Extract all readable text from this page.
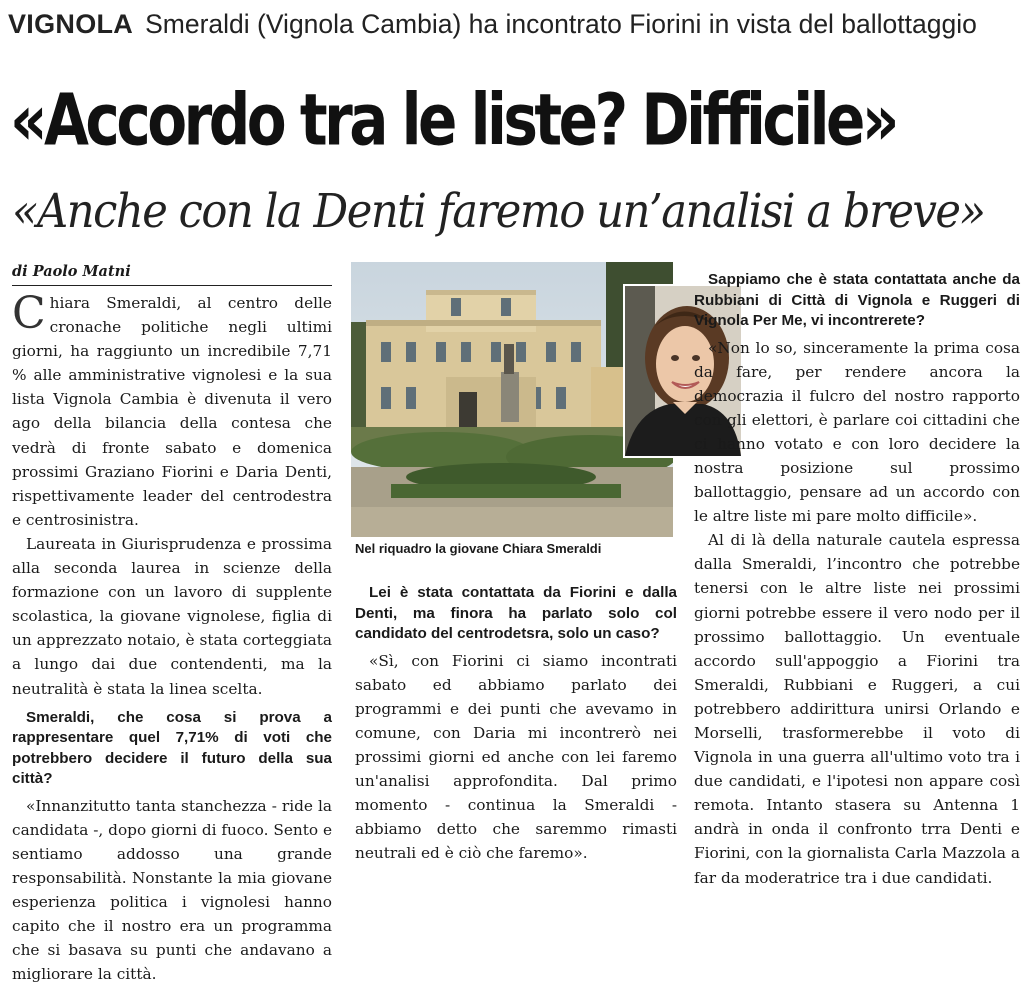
VIGNOLA Smeraldi (Vignola Cambia) ha incontrato Fiorini in vista del ballottaggio
«Accordo tra le liste? Difficile»
«Anche con la Denti faremo un’analisi a breve»
di Paolo Matni

Chiara Smeraldi, al centro delle cronache politiche negli ultimi giorni, ha raggiunto un incredibile 7,71 % alle amministrative vignolesi e la sua lista Vignola Cambia è divenuta il vero ago della bilancia della contesa che vedrà di fronte sabato e domenica prossimi Graziano Fiorini e Daria Denti, rispettivamente leader del centrodestra e centrosinistra.

Laureata in Giurisprudenza e prossima alla seconda laurea in scienze della formazione con un lavoro di supplente scolastica, la giovane vignolese, figlia di un apprezzato notaio, è stata corteggiata a lungo dai due contendenti, ma la neutralità è stata la linea scelta.

Smeraldi, che cosa si prova a rappresentare quel 7,71% di voti che potrebbero decidere il futuro della sua città?

«Innanzitutto tanta stanchezza - ride la candidata -, dopo giorni di fuoco. Sento e sentiamo addosso una grande responsabilità. Nonstante la mia giovane esperienza politica i vignolesi hanno capito che il nostro era un programma che si basava su punti che andavano a migliorare la città.

Nel riquadro la giovane Chiara Smeraldi

Lei è stata contattata da Fiorini e dalla Denti, ma finora ha parlato solo col candidato del centrodetsra, solo un caso?

«Sì, con Fiorini ci siamo incontrati sabato ed abbiamo parlato dei programmi e dei punti che avevamo in comune, con Daria mi incontrerò nei prossimi giorni ed anche con lei faremo un'analisi approfondita. Dal primo momento - continua la Smeraldi - abbiamo detto che saremmo rimasti neutrali ed è ciò che faremo».

Sappiamo che è stata contattata anche da Rubbiani di Città di Vignola e Ruggeri di Vignola Per Me, vi incontrerete?

«Non lo so, sinceramente la prima cosa da fare, per rendere ancora la democrazia il fulcro del nostro rapporto con gli elettori, è parlare coi cittadini che ci hanno votato e con loro decidere la nostra posizione sul prossimo ballottaggio, pensare ad un accordo con le altre liste mi pare molto difficile».

Al di là della naturale cautela espressa dalla Smeraldi, l’incontro che potrebbe tenersi con le altre liste nei prossimi giorni potrebbe essere il vero nodo per il prossimo ballottaggio. Un eventuale accordo sull'appoggio a Fiorini tra Smeraldi, Rubbiani e Ruggeri, a cui potrebbero addirittura unirsi Orlando e Morselli, trasformerebbe il voto di Vignola in una guerra all'ultimo voto tra i due candidati, e l'ipotesi non appare così remota. Intanto stasera su Antenna 1 andrà in onda il confronto trra Denti e Fiorini, con la giornalista Carla Mazzola a far da moderatrice tra i due candidati.
